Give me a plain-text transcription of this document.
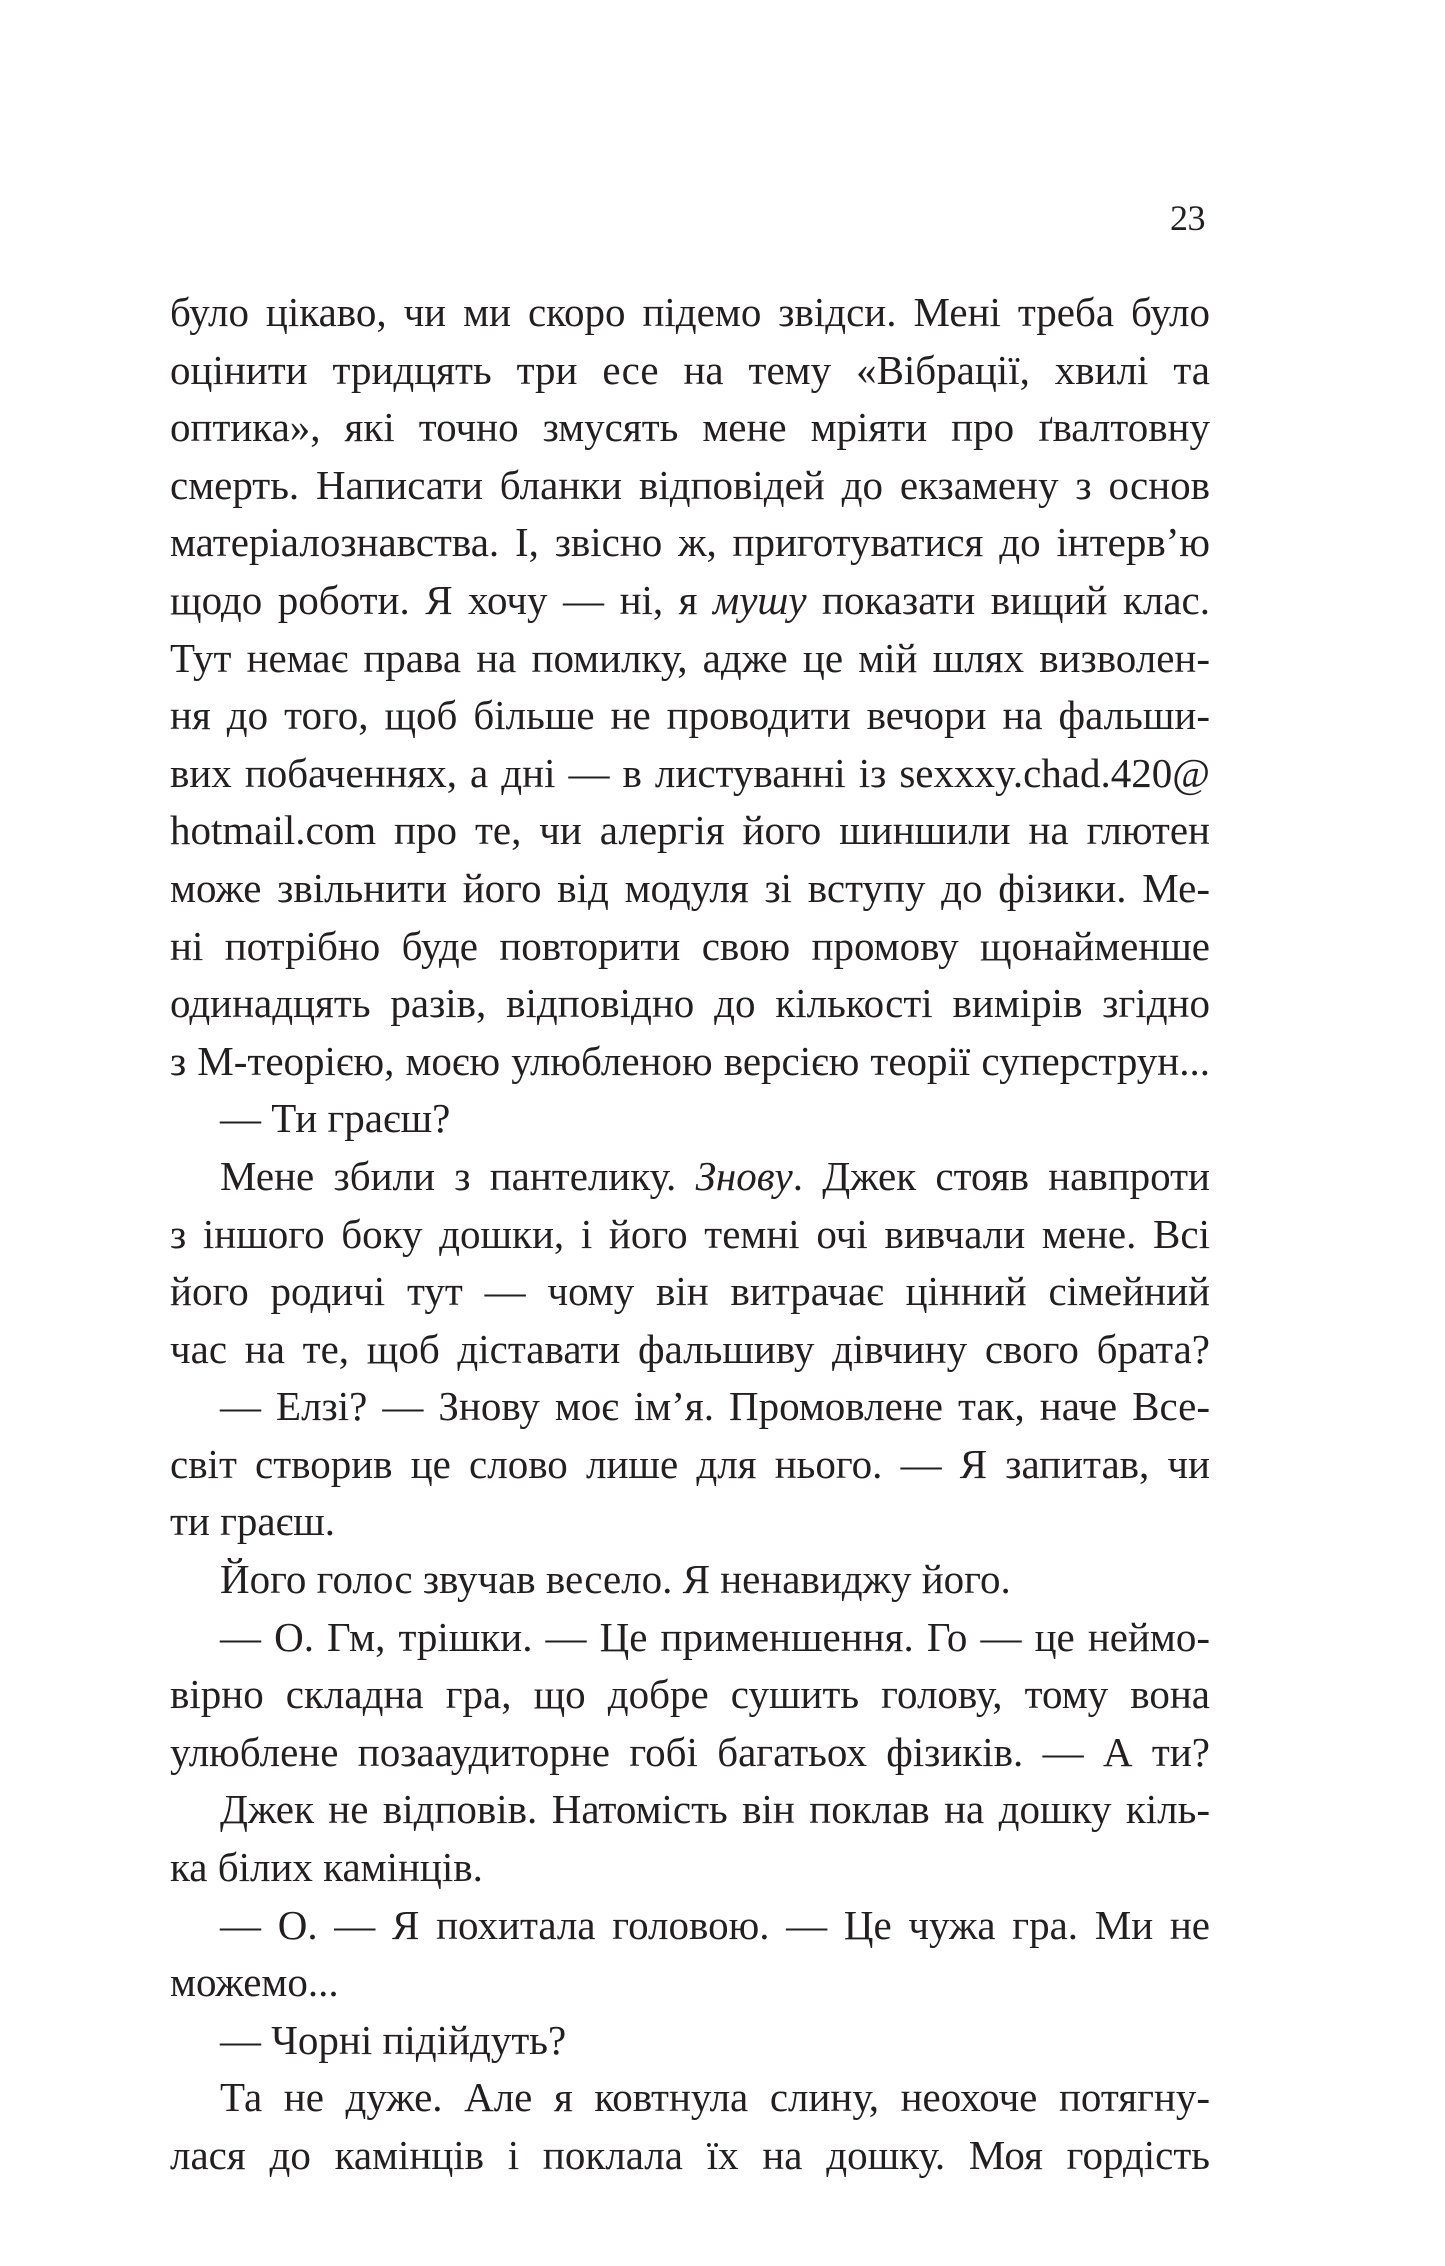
23
було цікаво, чи ми скоро підемо звідси. Мені треба було
оцінити тридцять три есе на тему «Вібрації, хвилі та
оптика», які точно змусять мене мріяти про ґвалтовну
смерть. Написати бланки відповідей до екзамену з основ
матеріалознавства. І, звісно ж, приготуватися до інтерв’ю
щодо роботи. Я хочу — ні, я мушу показати вищий клас.
Тут немає права на помилку, адже це мій шлях визволен-
ня до того, щоб більше не проводити вечори на фальши-
вих побаченнях, а дні — в листуванні із sexxxy.chad.420@
hotmail.com про те, чи алергія його шиншили на глютен
може звільнити його від модуля зі вступу до фізики. Ме-
ні потрібно буде повторити свою промову щонайменше
одинадцять разів, відповідно до кількості вимірів згідно
з М-теорією, моєю улюбленою версією теорії суперструн...
— Ти граєш?
Мене збили з пантелику. Знову. Джек стояв навпроти
з іншого боку дошки, і його темні очі вивчали мене. Всі
його родичі тут — чому він витрачає цінний сімейний
час на те, щоб діставати фальшиву дівчину свого брата?
— Елзі? — Знову моє ім’я. Промовлене так, наче Все-
світ створив це слово лише для нього. — Я запитав, чи
ти граєш.
Його голос звучав весело. Я ненавиджу його.
— О. Гм, трішки. — Це применшення. Го — це неймо-
вірно складна гра, що добре сушить голову, тому вона
улюблене позааудиторне гобі багатьох фізиків. — А ти?
Джек не відповів. Натомість він поклав на дошку кіль-
ка білих камінців.
— О. — Я похитала головою. — Це чужа гра. Ми не
можемо...
— Чорні підійдуть?
Та не дуже. Але я ковтнула слину, неохоче потягну-
лася до камінців і поклала їх на дошку. Моя гордість
